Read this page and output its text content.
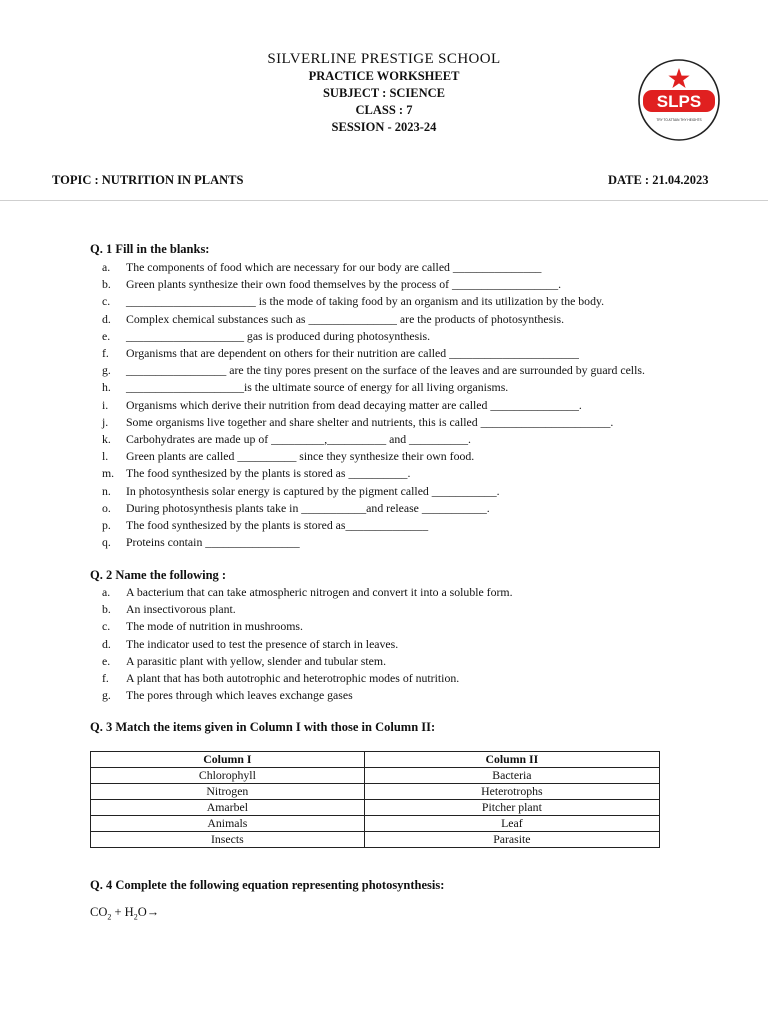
SILVERLINE PRESTIGE SCHOOL
PRACTICE WORKSHEET
SUBJECT : SCIENCE
CLASS : 7
SESSION - 2023-24
SLPS
TRY TO ATTAIN THY HEIGHTS
TOPIC : NUTRITION IN PLANTS	DATE : 21.04.2023
Q. 1 Fill in the blanks:
a.	The components of food which are necessary for our body are called _______________
b.	Green plants synthesize their own food themselves by the process of __________________.
c.	______________________ is the mode of taking food by an organism and its utilization by the body.
d.	Complex chemical substances such as _______________ are the products of photosynthesis.
e.	____________________ gas is produced during photosynthesis.
f.	Organisms that are dependent on others for their nutrition are called ______________________
g.	_________________ are the tiny pores present on the surface of the leaves and are surrounded by guard cells.
h.	____________________is the ultimate source of energy for all living organisms.
i.	Organisms which derive their nutrition from dead decaying matter are called _______________.
j.	Some organisms live together and share shelter and nutrients, this is called ______________________.
k.	Carbohydrates are made up of _________,__________ and __________.
l.	Green plants are called __________ since they synthesize their own food.
m.	The food synthesized by the plants is stored as __________.
n.	In photosynthesis solar energy is captured by the pigment called ___________.
o.	During photosynthesis plants take in ___________and release ___________.
p.	The food synthesized by the plants is stored as______________
q.	Proteins contain ________________
Q. 2 Name the following :
a.	A bacterium that can take atmospheric nitrogen and convert it into a soluble form.
b.	An insectivorous plant.
c.	The mode of nutrition in mushrooms.
d.	The indicator used to test the presence of starch in leaves.
e.	A parasitic plant with yellow, slender and tubular stem.
f.	A plant that has both autotrophic and heterotrophic modes of nutrition.
g.	The pores through which leaves exchange gases
Q. 3 Match the items given in Column I with those in Column II:
Column I	Column II
Chlorophyll	Bacteria
Nitrogen	Heterotrophs
Amarbel	Pitcher plant
Animals	Leaf
Insects	Parasite
Q. 4 Complete the following equation representing photosynthesis:
$CO_2 + H_2O\to$
